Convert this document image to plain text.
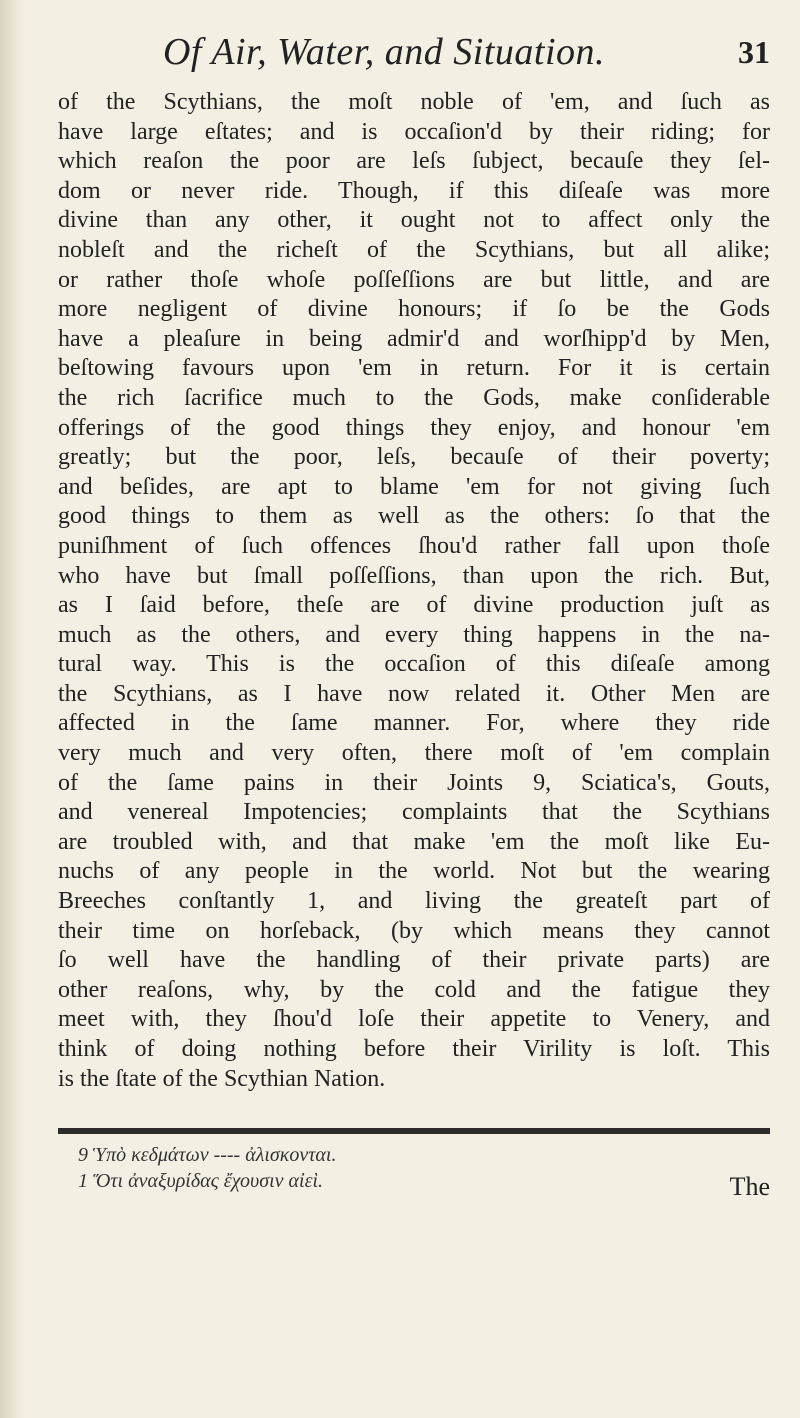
Of Air, Water, and Situation.	31
of the Scythians, the moſt noble of 'em, and ſuch as
have large eſtates; and is occaſion'd by their riding; for
which reaſon the poor are leſs ſubject, becauſe they ſel-
dom or never ride. Though, if this diſeaſe was more
divine than any other, it ought not to affect only the
nobleſt and the richeſt of the Scythians, but all alike;
or rather thoſe whoſe poſſeſſions are but little, and are
more negligent of divine honours; if ſo be the Gods
have a pleaſure in being admir'd and worſhipp'd by Men,
beſtowing favours upon 'em in return. For it is certain
the rich ſacrifice much to the Gods, make conſiderable
offerings of the good things they enjoy, and honour 'em
greatly; but the poor, leſs, becauſe of their poverty;
and beſides, are apt to blame 'em for not giving ſuch
good things to them as well as the others: ſo that the
puniſhment of ſuch offences ſhou'd rather fall upon thoſe
who have but ſmall poſſeſſions, than upon the rich. But,
as I ſaid before, theſe are of divine production juſt as
much as the others, and every thing happens in the na-
tural way. This is the occaſion of this diſeaſe among
the Scythians, as I have now related it. Other Men are
affected in the ſame manner. For, where they ride
very much and very often, there moſt of 'em complain
of the ſame pains in their Joints 9, Sciatica's, Gouts,
and venereal Impotencies; complaints that the Scythians
are troubled with, and that make 'em the moſt like Eu-
nuchs of any people in the world. Not but the wearing
Breeches conſtantly 1, and living the greateſt part of
their time on horſeback, (by which means they cannot
ſo well have the handling of their private parts) are
other reaſons, why, by the cold and the fatigue they
meet with, they ſhou'd loſe their appetite to Venery, and
think of doing nothing before their Virility is loſt. This
is the ſtate of the Scythian Nation.
9 Ὑπὸ κεδμάτων ---- ἀλισκονται.
1 Ὅτι ἀναξυρίδας ἔχουσιν αἰεὶ.	The
